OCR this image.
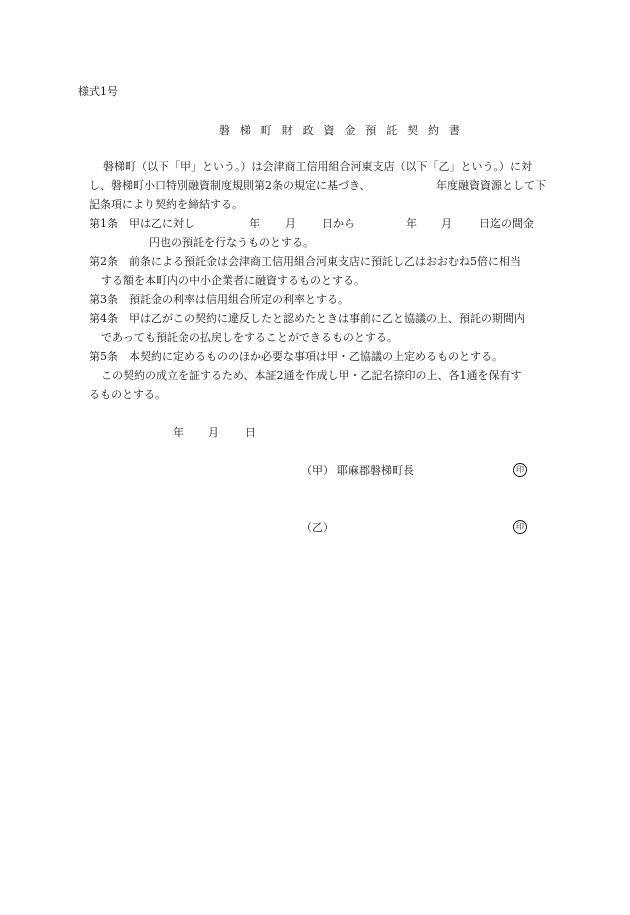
様式1号
磐 梯 町 財 政 資 金 預 託 契 約 書
磐梯町（以下「甲」という。）は会津商工信用組合河東支店（以下「乙」という。）に対
し、磐梯町小口特別融資制度規則第2条の規定に基づき、	年度融資資源として下
記条項により契約を締結する。
第1条　甲は乙に対し	年 月 日から	年 月 日迄の間金
円也の預託を行なうものとする。
第2条　前条による預託金は会津商工信用組合河東支店に預託し乙はおおむね5倍に相当
する額を本町内の中小企業者に融資するものとする。
第3条　預託金の利率は信用組合所定の利率とする。
第4条　甲は乙がこの契約に違反したと認めたときは事前に乙と協議の上、預託の期間内
であっても預託金の払戻しをすることができるものとする。
第5条　本契約に定めるもののほか必要な事項は甲・乙協議の上定めるものとする。
この契約の成立を証するため、本証2通を作成し甲・乙記名捺印の上、各1通を保有す
るものとする。
年 月 日
（甲） 耶麻郡磐梯町長	印
（乙）	印
